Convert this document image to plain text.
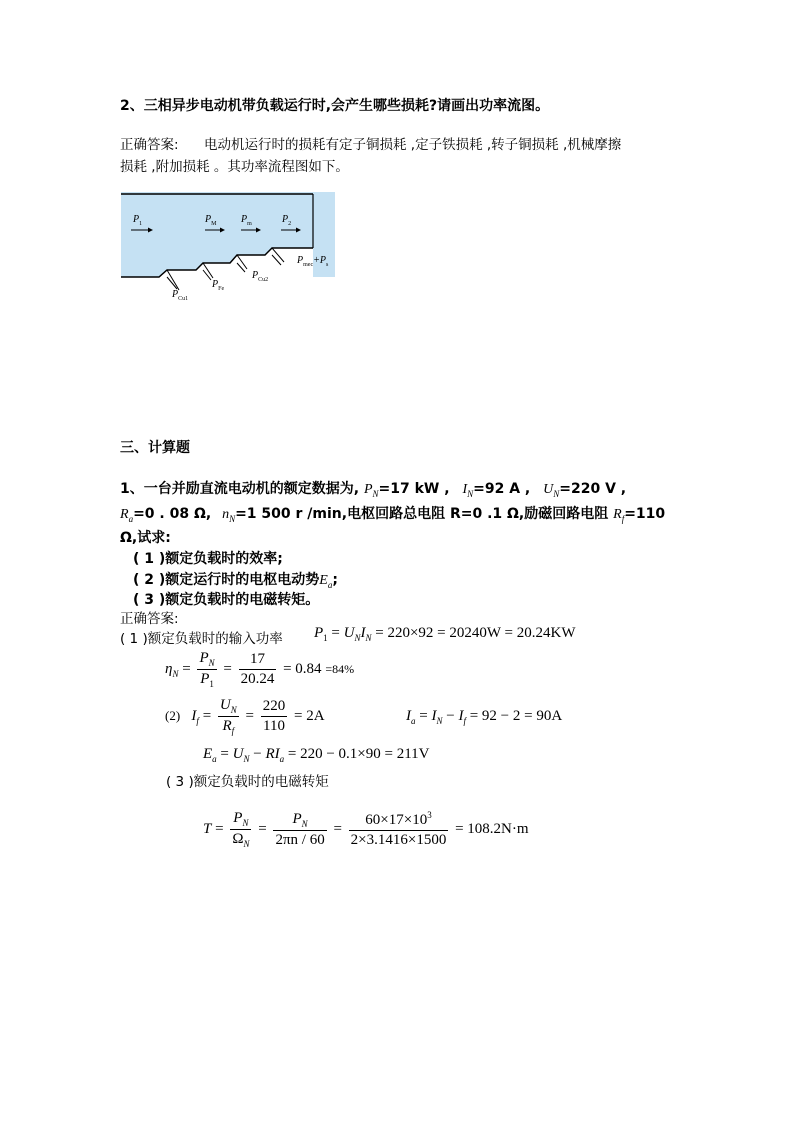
2、三相异步电动机带负载运行时,会产生哪些损耗?请画出功率流图。
正确答案: 电动机运行时的损耗有定子铜损耗 ,定子铁损耗 ,转子铜损耗 ,机械摩擦
损耗 ,附加损耗 。其功率流程图如下。
$P_1$	$P_M$ $P_m$	$P_2$
$P_{Cu1}$
$P_{Fe}$
$P_{Cu2}$
$P_{mec}+P_s$
三、计算题
1、一台并励直流电动机的额定数据为, $P_N=17$ kW , $I_N=92$ A , $U_N=220$ V ,
$R_a=0$ . 08 Ω, $n_N=1$ 500 r /min,电枢回路总电阻 R=0 .1 Ω,励磁回路电阻 $R_f=110$
Ω,试求:
( 1 )额定负载时的效率;
( 2 )额定运行时的电枢电动势$E_a$;
( 3 )额定负载时的电磁转矩。
正确答案:
( 1 )额定负载时的输入功率 $P_1 = U_NI_N = 220\times 92 = 20240W = 20.24KW$
$\eta_N = \frac{P_N}{P_1} = \frac{17}{20.24} = 0.84 =84\%$
(2) $I_f = \frac{U_N}{R_f} = \frac{220}{110} = 2A$	$I_a = I_N - I_f = 92 - 2 = 90A$
$E_a = U_N - RI_a = 220 - 0.1\times 90 = 211V$
( 3 )额定负载时的电磁转矩
$T = \frac{P_N}{\Omega_N} = \frac{P_N}{2\pi n / 60} = \frac{60\times 17\times 10^3}{2\times 3.1416\times 1500} = 108.2N\cdot m$
